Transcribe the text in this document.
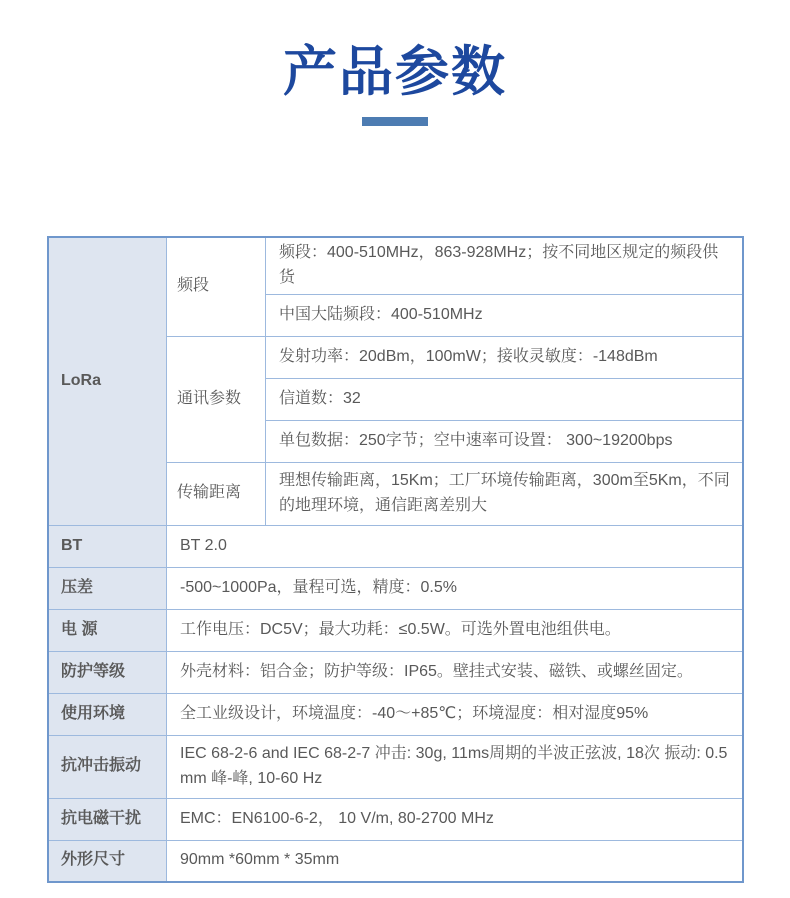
产品参数
LoRa	频段	频段：400-510MHz，863-928MHz；按不同地区规定的频段供货
		中国大陆频段：400-510MHz
	通讯参数	发射功率：20dBm，100mW；接收灵敏度：-148dBm
		信道数：32
		单包数据：250字节；空中速率可设置： 300~19200bps
	传输距离	理想传输距离，15Km；工厂环境传输距离，300m至5Km，不同的地理环境，通信距离差别大
BT	BT 2.0	
压差	-500~1000Pa，量程可选，精度：0.5%	
电 源	工作电压：DC5V；最大功耗：≤0.5W。可选外置电池组供电。	
防护等级	外壳材料：铝合金；防护等级：IP65。壁挂式安装、磁铁、或螺丝固定。	
使用环境	全工业级设计，环境温度：-40～+85℃；环境湿度：相对湿度95%	
抗冲击振动	IEC 68-2-6 and IEC 68-2-7 冲击: 30g, 11ms周期的半波正弦波, 18次 振动: 0.5 mm 峰-峰, 10-60 Hz	
抗电磁干扰	EMC：EN6100-6-2， 10 V/m, 80-2700 MHz	
外形尺寸	90mm *60mm * 35mm	
